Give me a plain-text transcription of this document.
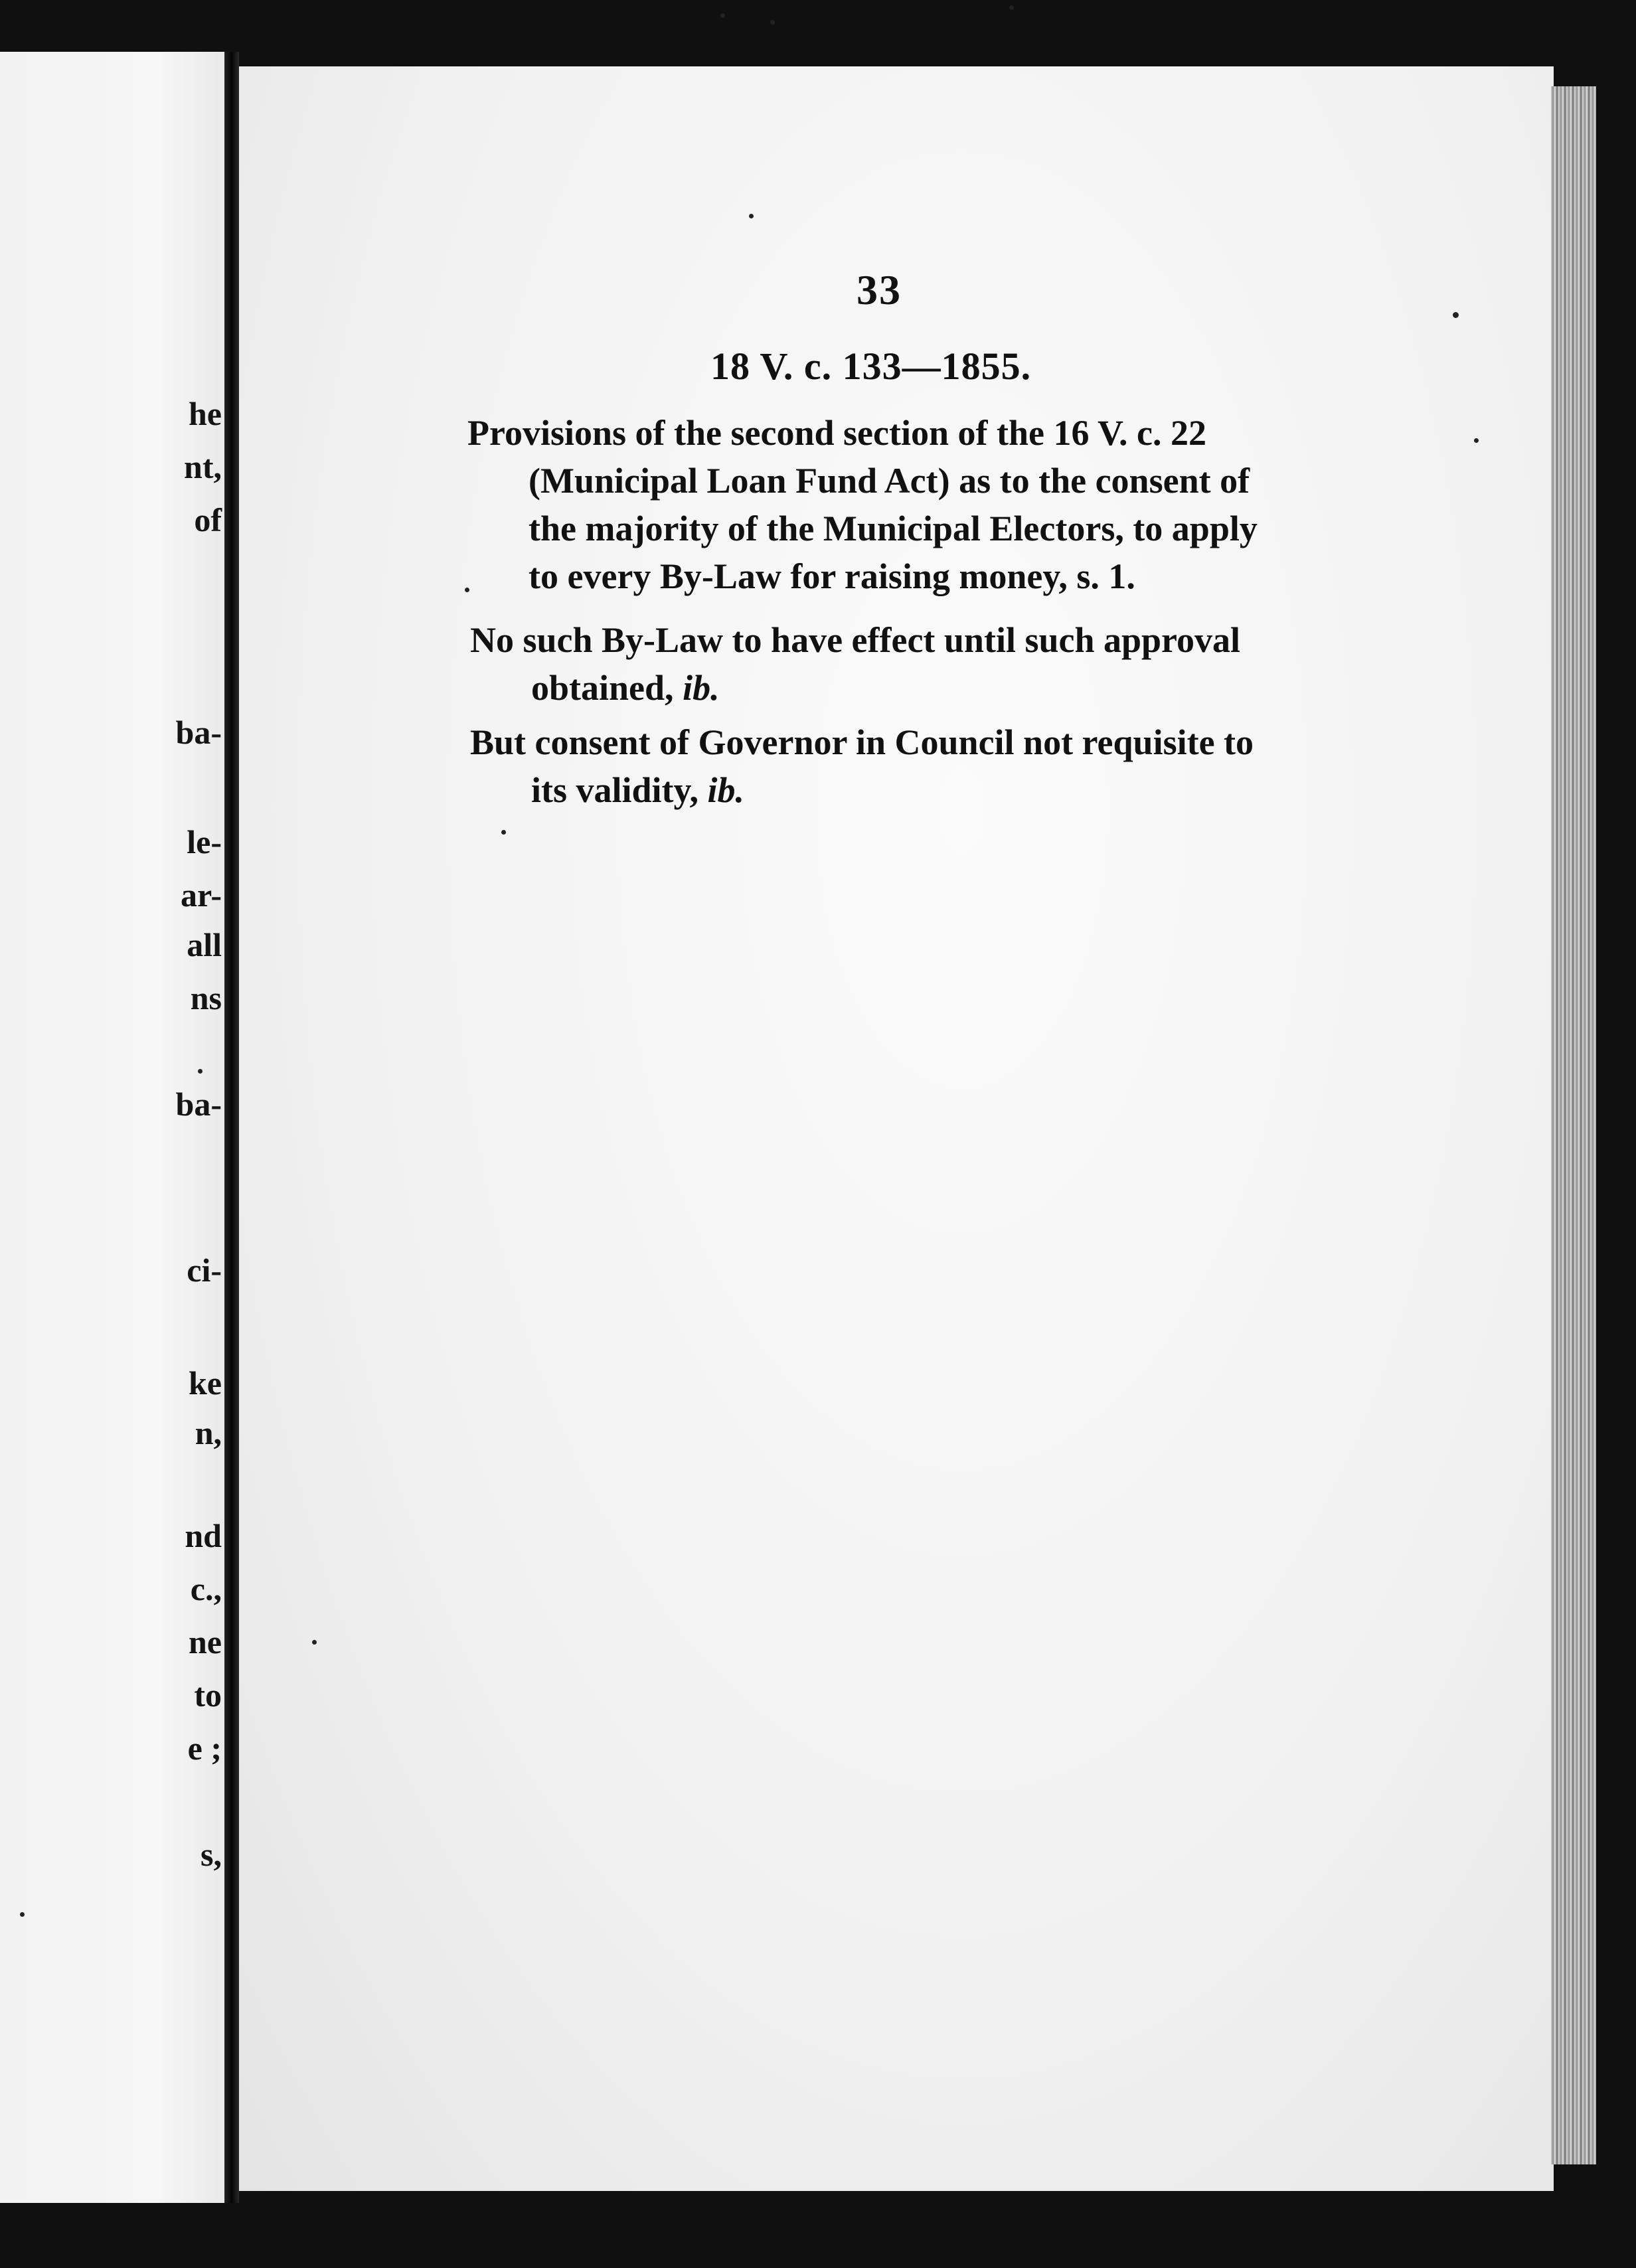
he
nt,
of
ba-
le-
ar-
all
ns
ba-
ci-
ke
n,
nd
c.,
ne
to
e ;
s,
33
18 V. c. 133—1855.
Provisions of the second section of the 16 V. c. 22
(Municipal Loan Fund Act) as to the consent of
the majority of the Municipal Electors, to apply
to every By-Law for raising money, s. 1.
No such By-Law to have effect until such approval
obtained, ib.
But consent of Governor in Council not requisite to
its validity, ib.
